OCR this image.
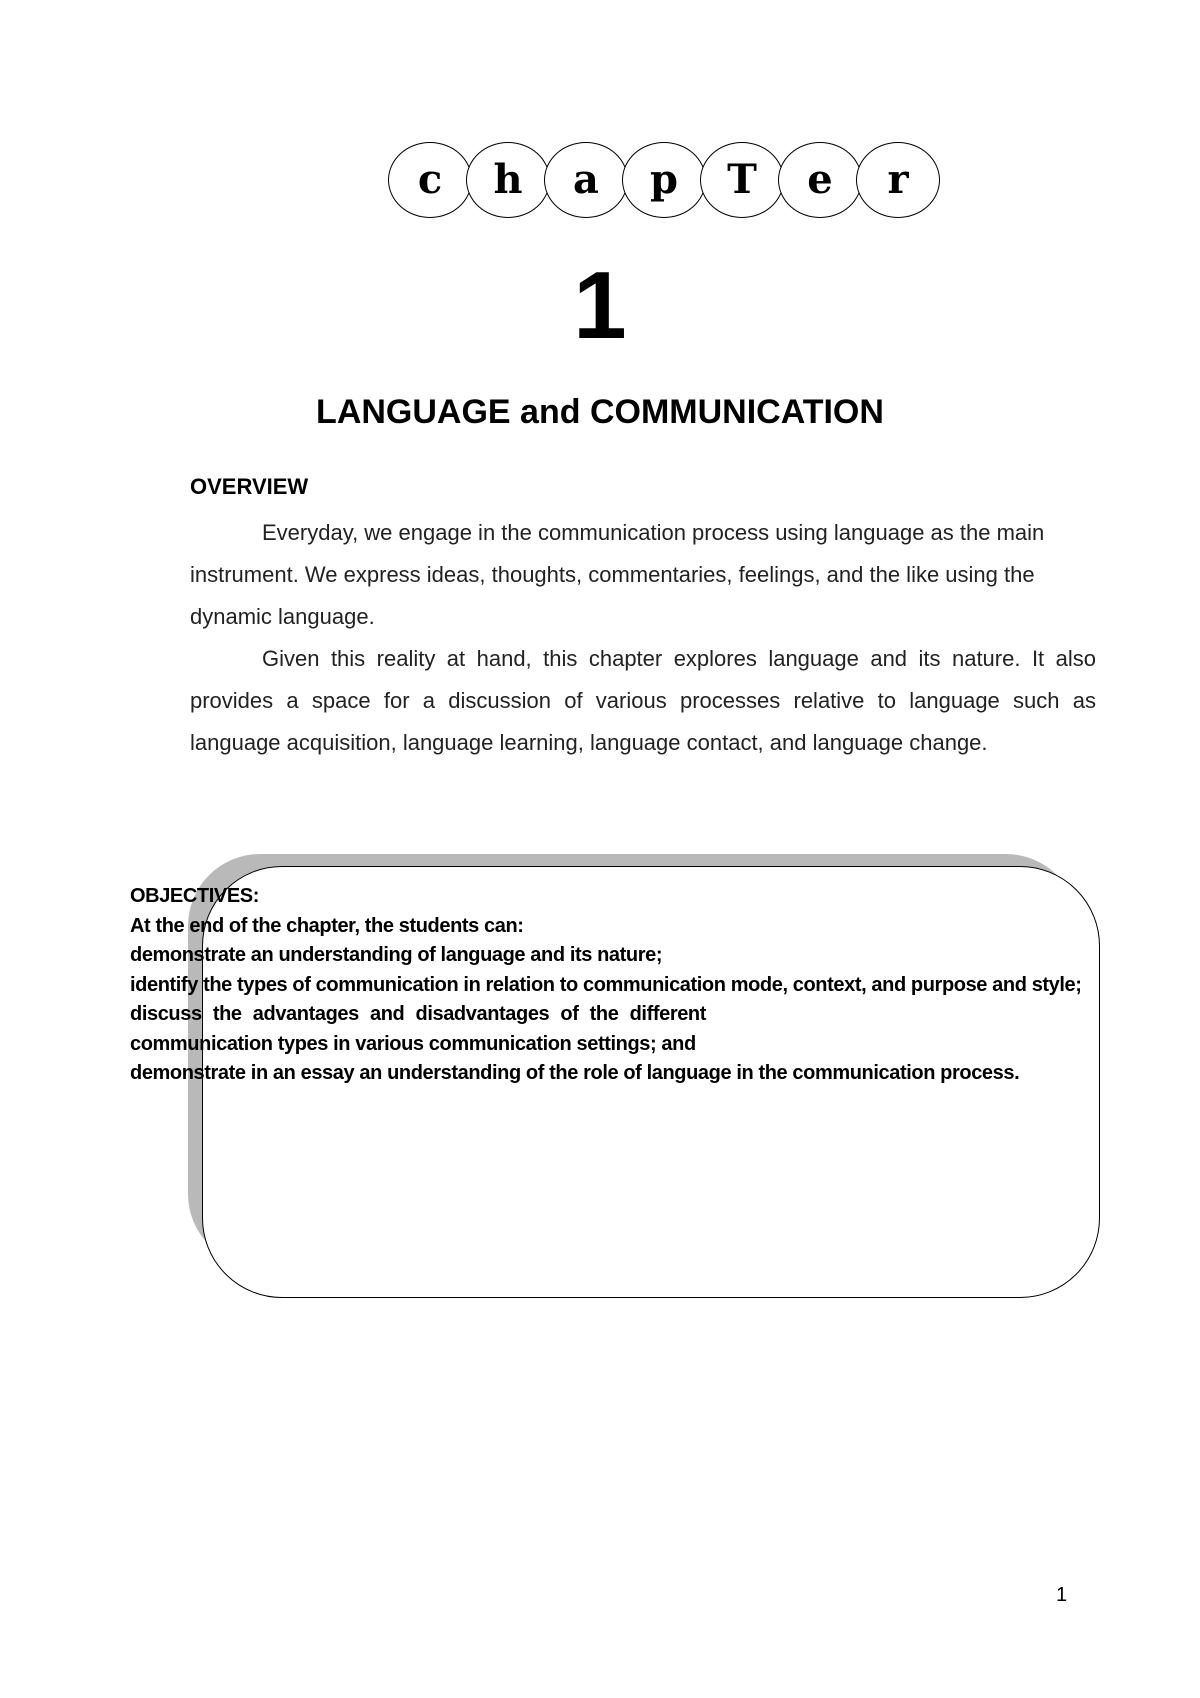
c	h	a	p	T	e	r
1
LANGUAGE and COMMUNICATION
OVERVIEW

Everyday, we engage in the communication process using language as the main instrument. We express ideas, thoughts, commentaries, feelings, and the like using the dynamic language.

Given this reality at hand, this chapter explores language and its nature. It also provides a space for a discussion of various processes relative to language such as language acquisition, language learning, language contact, and language change.

OBJECTIVES:
At the end of the chapter, the students can:
demonstrate an understanding of language and its nature;
identify the types of communication in relation to communication mode, context, and purpose and style;
discuss the advantages and disadvantages of the different
communication types in various communication settings; and
demonstrate in an essay an understanding of the role of language in the communication process.
1
